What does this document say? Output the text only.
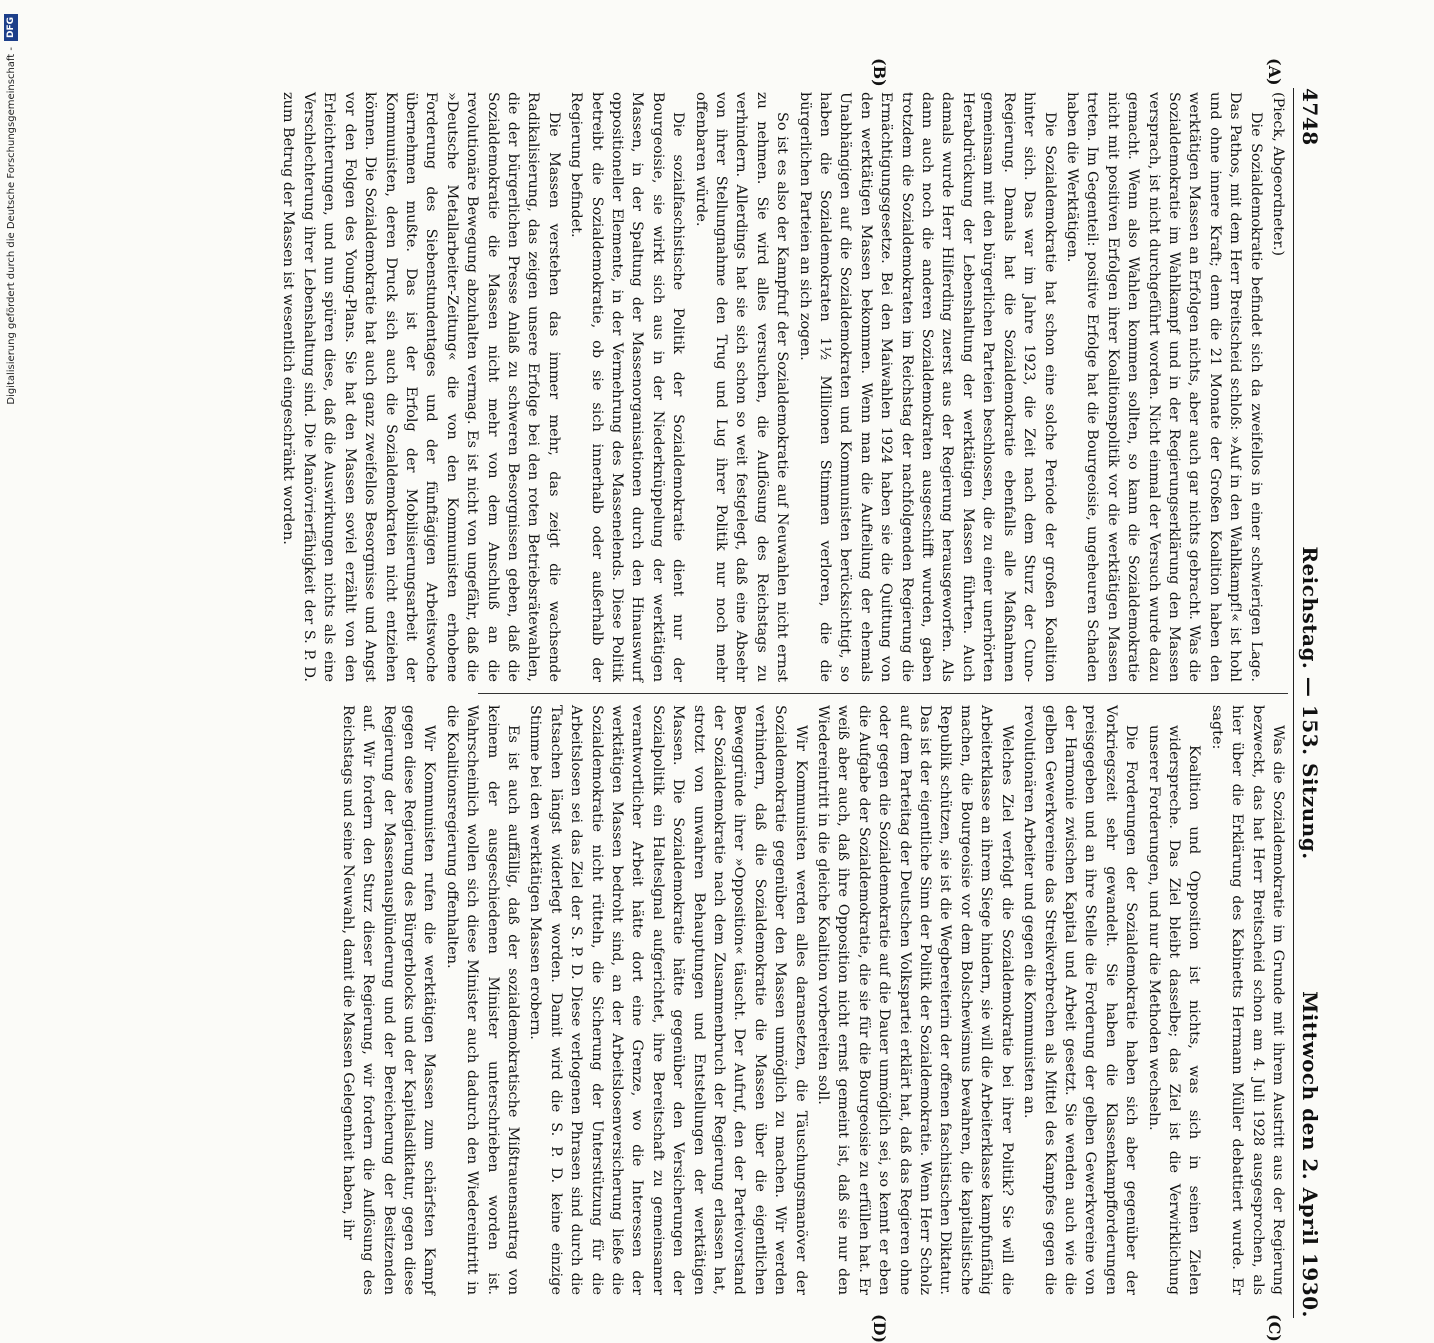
4748
Reichstag. — 153. Sitzung.
Mittwoch den 2. April 1930.
(A)
(B)
(C)
(D)

(Pieck, Abgeordneter.)

Die Sozialdemokratie befindet sich da zweifellos in einer schwierigen Lage. Das Pathos, mit dem Herr Breitscheid schloß: »Auf in den Wahlkampf!« ist hohl und ohne innere Kraft; denn die 21 Monate der Großen Koalition haben den werktätigen Massen an Erfolgen nichts, aber auch gar nichts gebracht. Was die Sozialdemokratie im Wahlkampf und in der Regierungserklärung den Massen versprach, ist nicht durchgeführt worden. Nicht einmal der Versuch wurde dazu gemacht. Wenn also Wahlen kommen sollten, so kann die Sozialdemokratie nicht mit positiven Erfolgen ihrer Koalitionspolitik vor die werktätigen Massen treten. Im Gegenteil: positive Erfolge hat die Bourgeoisie, ungeheuren Schaden haben die Werktätigen.

Die Sozialdemokratie hat schon eine solche Periode der großen Koalition hinter sich. Das war im Jahre 1923, die Zeit nach dem Sturz der Cuno-Regierung. Damals hat die Sozialdemokratie ebenfalls alle Maßnahmen gemeinsam mit den bürgerlichen Parteien beschlossen, die zu einer unerhörten Herabdrückung der Lebenshaltung der werktätigen Massen führten. Auch damals wurde Herr Hilferding zuerst aus der Regierung herausgeworfen. Als dann auch noch die anderen Sozialdemokraten ausgeschifft wurden, gaben trotzdem die Sozialdemokraten im Reichstag der nachfolgenden Regierung die Ermächtigungsgesetze. Bei den Maiwahlen 1924 haben sie die Quittung von den werktätigen Massen bekommen. Wenn man die Aufteilung der ehemals Unabhängigen auf die Sozialdemokraten und Kommunisten berücksichtigt, so haben die Sozialdemokraten 1½ Millionen Stimmen verloren, die die bürgerlichen Parteien an sich zogen.

So ist es also der Kampfruf der Sozialdemokratie auf Neuwahlen nicht ernst zu nehmen. Sie wird alles versuchen, die Auflösung des Reichstags zu verhindern. Allerdings hat sie sich schon so weit festgelegt, daß eine Absehr von ihrer Stellungnahme den Trug und Lug ihrer Politik nur noch mehr offenbaren würde.

Die sozialfaschistische Politik der Sozialdemokratie dient nur der Bourgeoisie, sie wirkt sich aus in der Niederknüppelung der werktätigen Massen, in der Spaltung der Massenorganisationen durch den Hinauswurf oppositioneller Elemente, in der Vermehrung des Massenelends. Diese Politik betreibt die Sozialdemokratie, ob sie sich innerhalb oder außerhalb der Regierung befindet.

Die Massen verstehen das immer mehr, das zeigt die wachsende Radikalisierung, das zeigen unsere Erfolge bei den roten Betriebsrätewahlen, die der bürgerlichen Presse Anlaß zu schweren Besorgnissen geben, daß die Sozialdemokratie die Massen nicht mehr von dem Anschluß an die revolutionäre Bewegung abzuhalten vermag. Es ist nicht von ungefähr, daß die »Deutsche Metallarbeiter-Zeitung« die von den Kommunisten erhobene Forderung des Siebenstundentages und der fünftägigen Arbeitswoche übernehmen mußte. Das ist der Erfolg der Mobilisierungsarbeit der Kommunisten, deren Druck sich auch die Sozialdemokraten nicht entziehen können. Die Sozialdemokratie hat auch ganz zweifellos Besorgnisse und Angst vor den Folgen des Young-Plans. Sie hat den Massen soviel erzählt von den Erleichterungen, und nun spüren diese, daß die Auswirkungen nichts als eine Verschlechterung ihrer Lebenshaltung sind. Die Manövrierfähigkeit der S. P. D. zum Betrug der Massen ist wesentlich eingeschränkt worden.

Was die Sozialdemokratie im Grunde mit ihrem Austritt aus der Regierung bezweckt, das hat Herr Breitscheid schon am 4. Juli 1928 ausgesprochen, als hier über die Erklärung des Kabinetts Hermann Müller debattiert wurde. Er sagte:

Koalition und Opposition ist nichts, was sich in seinen Zielen widerspreche. Das Ziel bleibt dasselbe; das Ziel ist die Verwirklichung unserer Forderungen, und nur die Methoden wechseln.

Die Forderungen der Sozialdemokratie haben sich aber gegenüber der Vorkriegszeit sehr gewandelt. Sie haben die Klassenkampfforderungen preisgegeben und an ihre Stelle die Forderung der gelben Gewerkvereine von der Harmonie zwischen Kapital und Arbeit gesetzt. Sie wenden auch wie die gelben Gewerkvereine das Streikverbrechen als Mittel des Kampfes gegen die revolutionären Arbeiter und gegen die Kommunisten an.

Welches Ziel verfolgt die Sozialdemokratie bei ihrer Politik? Sie will die Arbeiterklasse an ihrem Siege hindern, sie will die Arbeiterklasse kampfunfähig machen, die Bourgeoisie vor dem Bolschewismus bewahren, die kapitalistische Republik schützen, sie ist die Wegbereiterin der offenen faschistischen Diktatur. Das ist der eigentliche Sinn der Politik der Sozialdemokratie. Wenn Herr Scholz auf dem Parteitag der Deutschen Volkspartei erklärt hat, daß das Regieren ohne oder gegen die Sozialdemokratie auf die Dauer unmöglich sei, so kennt er eben die Aufgabe der Sozialdemokratie, die sie für die Bourgeoisie zu erfüllen hat. Er weiß aber auch, daß ihre Opposition nicht ernst gemeint ist, daß sie nur den Wiedereintritt in die gleiche Koalition vorbereiten soll.

Wir Kommunisten werden alles daransetzen, die Täuschungsmanöver der Sozialdemokratie gegenüber den Massen unmöglich zu machen. Wir werden verhindern, daß die Sozialdemokratie die Massen über die eigentlichen Beweggründe ihrer »Opposition« täuscht. Der Aufruf, den der Parteivorstand der Sozialdemokratie nach dem Zusammenbruch der Regierung erlassen hat, strotzt von unwahren Behauptungen und Entstellungen der werktätigen Massen. Die Sozialdemokratie hätte gegenüber den Versicherungen der Sozialpolitik ein Halteslgnal aufgerichtet, ihre Bereitschaft zu gemeinsamer verantwortlicher Arbeit hätte dort eine Grenze, wo die Interessen der werktätigen Massen bedroht sind, an der Arbeitslosenversicherung ließe die Sozialdemokratie nicht rütteln, die Sicherung der Unterstützung für die Arbeitslosen sei das Ziel der S. P. D. Diese verlogenen Phrasen sind durch die Tatsachen längst widerlegt worden. Damit wird die S. P. D. keine einzige Stimme bei den werktätigen Massen erobern.

Es ist auch auffällig, daß der sozialdemokratische Mißtrauensantrag von keinem der ausgeschiedenen Minister unterschrieben worden ist. Wahrscheinlich wollen sich diese Minister auch dadurch den Wiedereintritt in die Koalitionsregierung offenhalten.

Wir Kommunisten rufen die werktätigen Massen zum schärfsten Kampf gegen diese Regierung des Bürgerblocks und der Kapitalsdiktatur, gegen diese Regierung der Massenausplünderung und der Bereicherung der Besitzenden auf. Wir fordern den Sturz dieser Regierung, wir fordern die Auflösung des Reichstags und seine Neuwahl, damit die Massen Gelegenheit haben, ihr

Digitalisierung gefördert durch die Deutsche Forschungsgemeinschaft -
DFG
